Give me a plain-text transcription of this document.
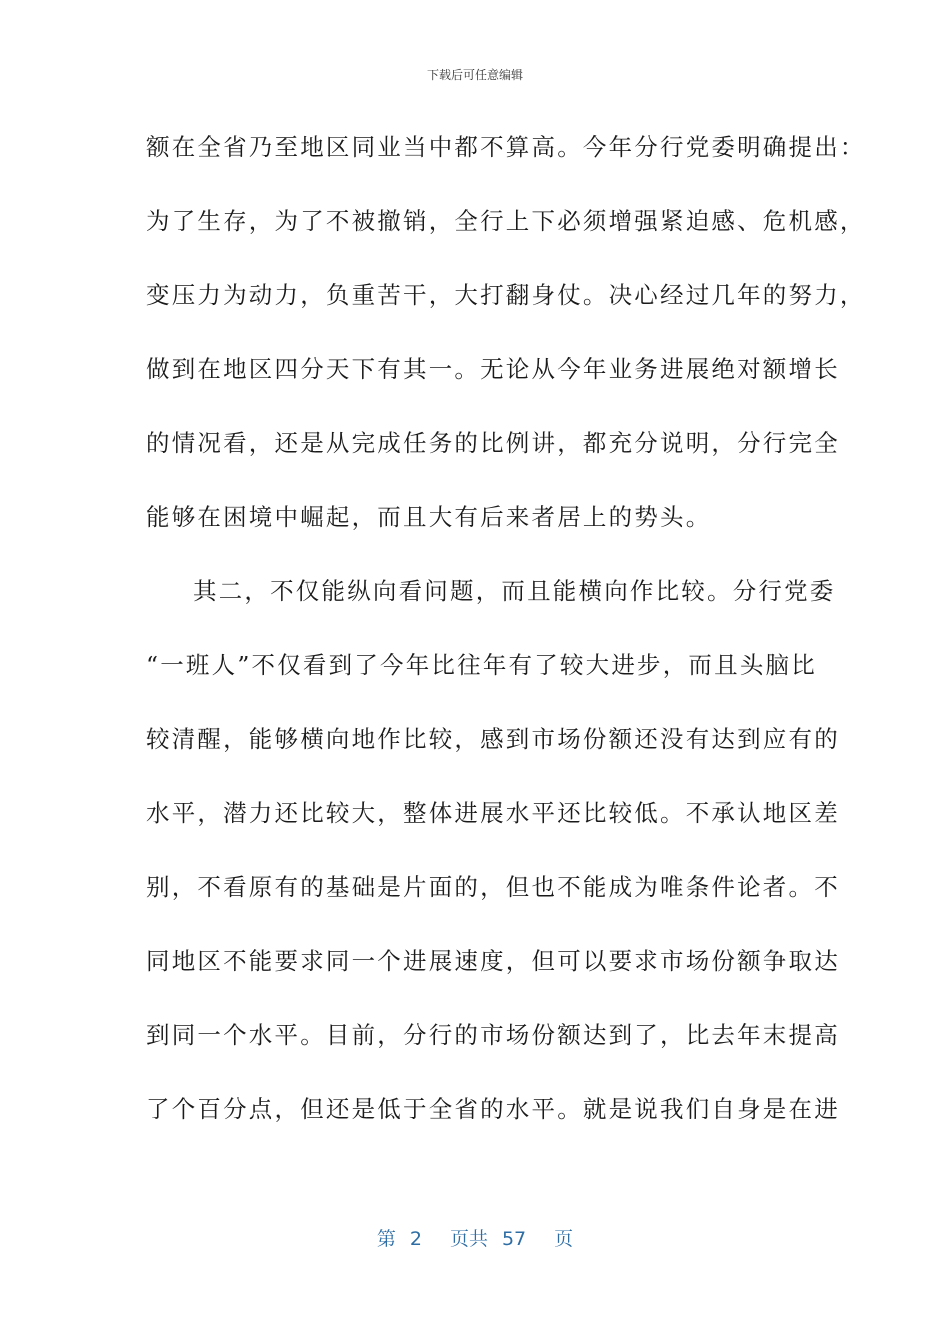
下载后可任意编辑
额在全省乃至地区同业当中都不算高。今年分行党委明确提出：
为了生存，为了不被撤销，全行上下必须增强紧迫感、危机感，
变压力为动力，负重苦干，大打翻身仗。决心经过几年的努力，
做到在地区四分天下有其一。无论从今年业务进展绝对额增长
的情况看，还是从完成任务的比例讲，都充分说明，分行完全
能够在困境中崛起，而且大有后来者居上的势头。
其二，不仅能纵向看问题，而且能横向作比较。分行党委
“一班人”不仅看到了今年比往年有了较大进步，而且头脑比
较清醒，能够横向地作比较，感到市场份额还没有达到应有的
水平，潜力还比较大，整体进展水平还比较低。不承认地区差
别，不看原有的基础是片面的，但也不能成为唯条件论者。不
同地区不能要求同一个进展速度，但可以要求市场份额争取达
到同一个水平。目前，分行的市场份额达到了，比去年末提高
了个百分点，但还是低于全省的水平。就是说我们自身是在进
第 2 页共 57 页
